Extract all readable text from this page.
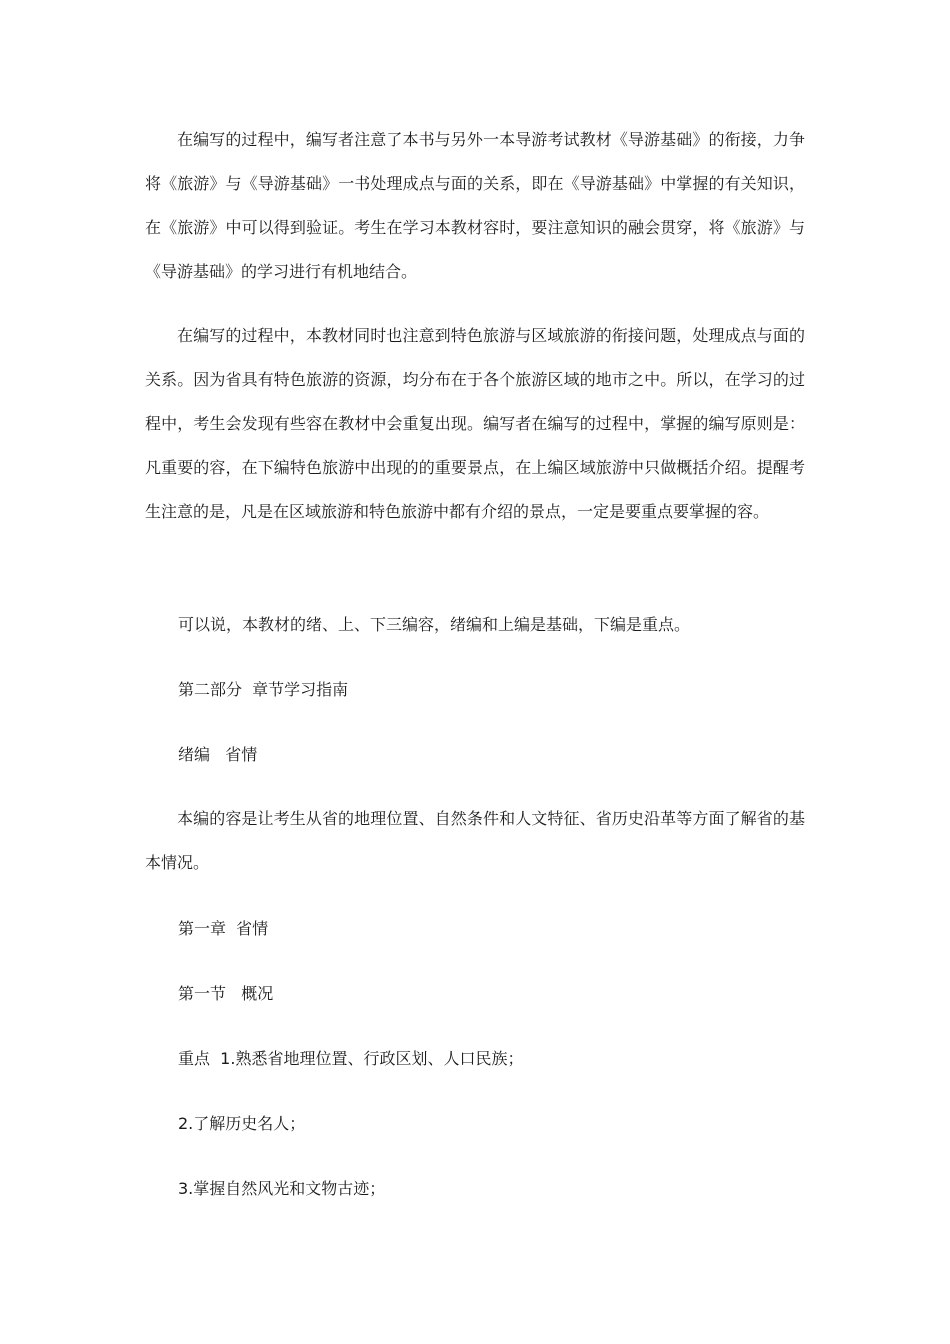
在编写的过程中，编写者注意了本书与另外一本导游考试教材《导游基础》的衔接，力争将《旅游》与《导游基础》一书处理成点与面的关系，即在《导游基础》中掌握的有关知识，在《旅游》中可以得到验证。考生在学习本教材容时，要注意知识的融会贯穿，将《旅游》与《导游基础》的学习进行有机地结合。

在编写的过程中，本教材同时也注意到特色旅游与区域旅游的衔接问题，处理成点与面的关系。因为省具有特色旅游的资源，均分布在于各个旅游区域的地市之中。所以，在学习的过程中，考生会发现有些容在教材中会重复出现。编写者在编写的过程中，掌握的编写原则是：凡重要的容，在下编特色旅游中出现的的重要景点，在上编区域旅游中只做概括介绍。提醒考生注意的是，凡是在区域旅游和特色旅游中都有介绍的景点，一定是要重点要掌握的容。

可以说，本教材的绪、上、下三编容，绪编和上编是基础，下编是重点。

第二部分  章节学习指南

绪编   省情

本编的容是让考生从省的地理位置、自然条件和人文特征、省历史沿革等方面了解省的基本情况。

第一章  省情

第一节   概况

重点  1.熟悉省地理位置、行政区划、人口民族；

2.了解历史名人；

3.掌握自然风光和文物古迹；
